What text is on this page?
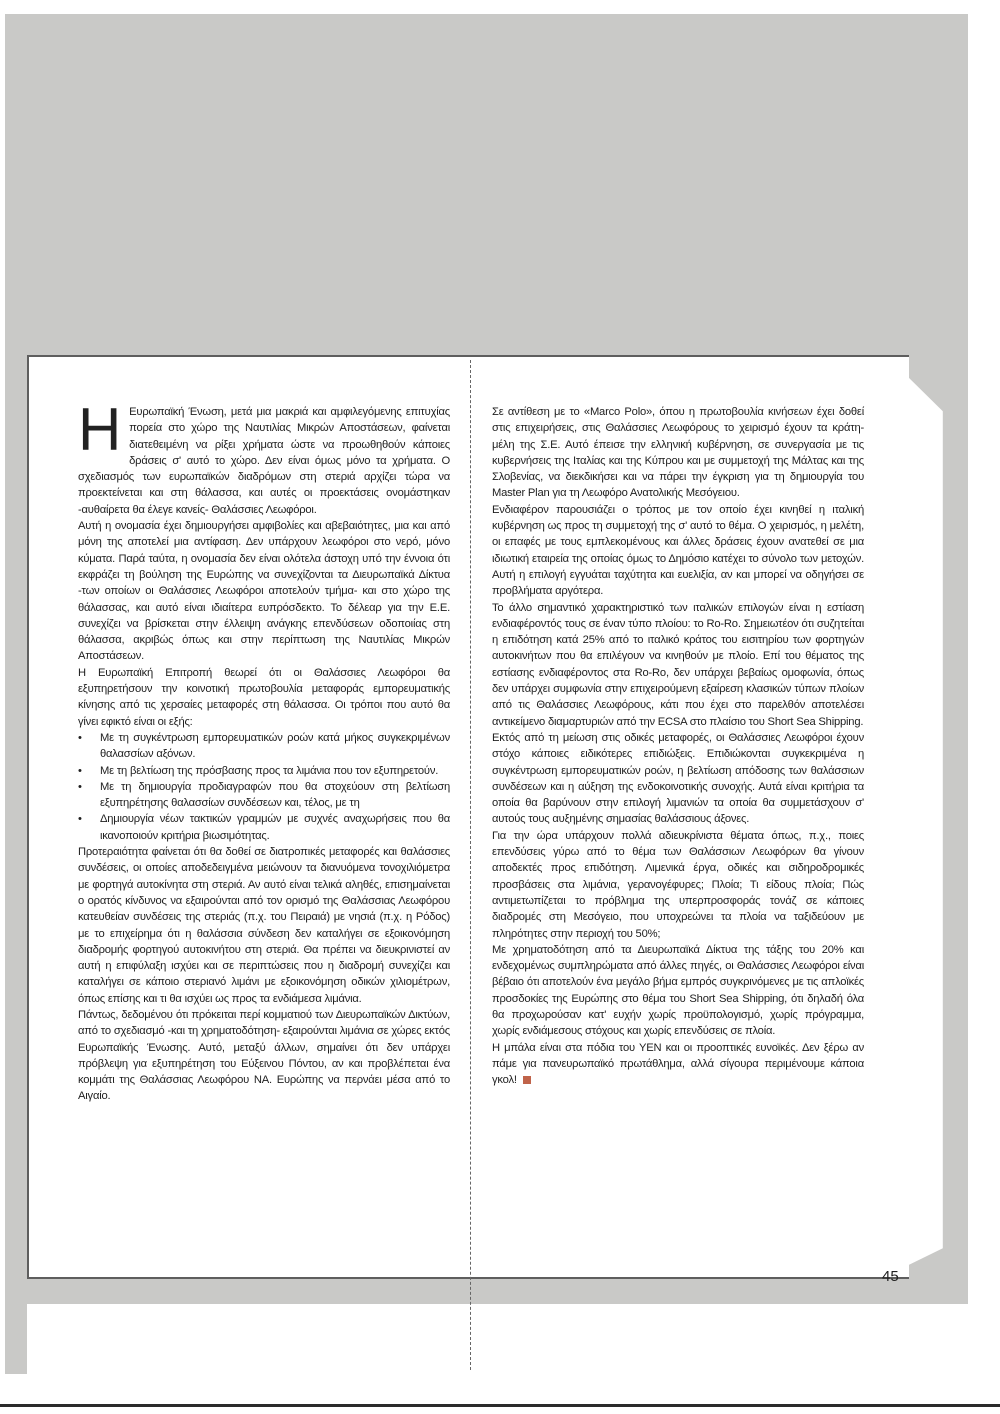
Η Ευρωπαϊκή Ένωση, μετά μια μακριά και αμφιλεγόμενης επιτυχίας πορεία στο χώρο της Ναυτιλίας Μικρών Αποστάσεων, φαίνεται διατεθειμένη να ρίξει χρήματα ώστε να προωθηθούν κάποιες δράσεις σ' αυτό το χώρο. Δεν είναι όμως μόνο τα χρήματα. Ο σχεδιασμός των ευρωπαϊκών διαδρόμων στη στεριά αρχίζει τώρα να προεκτείνεται και στη θάλασσα, και αυτές οι προεκτάσεις ονομάστηκαν -αυθαίρετα θα έλεγε κανείς- Θαλάσσιες Λεωφόροι.

Αυτή η ονομασία έχει δημιουργήσει αμφιβολίες και αβεβαιότητες, μια και από μόνη της αποτελεί μια αντίφαση. Δεν υπάρχουν λεωφόροι στο νερό, μόνο κύματα. Παρά ταύτα, η ονομασία δεν είναι ολότελα άστοχη υπό την έννοια ότι εκφράζει τη βούληση της Ευρώπης να συνεχίζονται τα Διευρωπαϊκά Δίκτυα -των οποίων οι Θαλάσσιες Λεωφόροι αποτελούν τμήμα- και στο χώρο της θάλασσας, και αυτό είναι ιδιαίτερα ευπρόσδεκτο. Το δέλεαρ για την Ε.Ε. συνεχίζει να βρίσκεται στην έλλειψη ανάγκης επενδύσεων οδοποιίας στη θάλασσα, ακριβώς όπως και στην περίπτωση της Ναυτιλίας Μικρών Αποστάσεων.

Η Ευρωπαϊκή Επιτροπή θεωρεί ότι οι Θαλάσσιες Λεωφόροι θα εξυπηρετήσουν την κοινοτική πρωτοβουλία μεταφοράς εμπορευματικής κίνησης από τις χερσαίες μεταφορές στη θάλασσα. Οι τρόποι που αυτό θα γίνει εφικτό είναι οι εξής:

• Με τη συγκέντρωση εμπορευματικών ροών κατά μήκος συγκεκριμένων θαλασσίων αξόνων.
• Με τη βελτίωση της πρόσβασης προς τα λιμάνια που τον εξυπηρετούν.
• Με τη δημιουργία προδιαγραφών που θα στοχεύουν στη βελτίωση εξυπηρέτησης θαλασσίων συνδέσεων και, τέλος, με τη
• Δημιουργία νέων τακτικών γραμμών με συχνές αναχωρήσεις που θα ικανοποιούν κριτήρια βιωσιμότητας.

Προτεραιότητα φαίνεται ότι θα δοθεί σε διατροπικές μεταφορές και θαλάσσιες συνδέσεις, οι οποίες αποδεδειγμένα μειώνουν τα διανυόμενα τονοχιλιόμετρα με φορτηγά αυτοκίνητα στη στεριά. Αν αυτό είναι τελικά αληθές, επισημαίνεται ο ορατός κίνδυνος να εξαιρούνται από τον ορισμό της Θαλάσσιας Λεωφόρου κατευθείαν συνδέσεις της στεριάς (π.χ. του Πειραιά) με νησιά (π.χ. η Ρόδος) με το επιχείρημα ότι η θαλάσσια σύνδεση δεν καταλήγει σε εξοικονόμηση διαδρομής φορτηγού αυτοκινήτου στη στεριά. Θα πρέπει να διευκρινιστεί αν αυτή η επιφύλαξη ισχύει και σε περιπτώσεις που η διαδρομή συνεχίζει και καταλήγει σε κάποιο στεριανό λιμάνι με εξοικονόμηση οδικών χιλιομέτρων, όπως επίσης και τι θα ισχύει ως προς τα ενδιάμεσα λιμάνια.

Πάντως, δεδομένου ότι πρόκειται περί κομματιού των Διευρωπαϊκών Δικτύων, από το σχεδιασμό -και τη χρηματοδότηση- εξαιρούνται λιμάνια σε χώρες εκτός Ευρωπαϊκής Ένωσης. Αυτό, μεταξύ άλλων, σημαίνει ότι δεν υπάρχει πρόβλεψη για εξυπηρέτηση του Εύξεινου Πόντου, αν και προβλέπεται ένα κομμάτι της Θαλάσσιας Λεωφόρου ΝΑ. Ευρώπης να περνάει μέσα από το Αιγαίο.

Σε αντίθεση με το «Marco Polo», όπου η πρωτοβουλία κινήσεων έχει δοθεί στις επιχειρήσεις, στις Θαλάσσιες Λεωφόρους το χειρισμό έχουν τα κράτη-μέλη της Σ.Ε. Αυτό έπεισε την ελληνική κυβέρνηση, σε συνεργασία με τις κυβερνήσεις της Ιταλίας και της Κύπρου και με συμμετοχή της Μάλτας και της Σλοβενίας, να διεκδικήσει και να πάρει την έγκριση για τη δημιουργία του Master Plan για τη Λεωφόρο Ανατολικής Μεσόγειου.

Ενδιαφέρον παρουσιάζει ο τρόπος με τον οποίο έχει κινηθεί η ιταλική κυβέρνηση ως προς τη συμμετοχή της σ' αυτό το θέμα. Ο χειρισμός, η μελέτη, οι επαφές με τους εμπλεκομένους και άλλες δράσεις έχουν ανατεθεί σε μια ιδιωτική εταιρεία της οποίας όμως το Δημόσιο κατέχει το σύνολο των μετοχών. Αυτή η επιλογή εγγυάται ταχύτητα και ευελιξία, αν και μπορεί να οδηγήσει σε προβλήματα αργότερα.

Το άλλο σημαντικό χαρακτηριστικό των ιταλικών επιλογών είναι η εστίαση ενδιαφέροντός τους σε έναν τύπο πλοίου: το Ro-Ro. Σημειωτέον ότι συζητείται η επιδότηση κατά 25% από το ιταλικό κράτος του εισιτηρίου των φορτηγών αυτοκινήτων που θα επιλέγουν να κινηθούν με πλοίο. Επί του θέματος της εστίασης ενδιαφέροντος στα Ro-Ro, δεν υπάρχει βεβαίως ομοφωνία, όπως δεν υπάρχει συμφωνία στην επιχειρούμενη εξαίρεση κλασικών τύπων πλοίων από τις Θαλάσσιες Λεωφόρους, κάτι που έχει στο παρελθόν αποτελέσει αντικείμενο διαμαρτυριών από την ECSA στο πλαίσιο του Short Sea Shipping.

Εκτός από τη μείωση στις οδικές μεταφορές, οι Θαλάσσιες Λεωφόροι έχουν στόχο κάποιες ειδικότερες επιδιώξεις. Επιδιώκονται συγκεκριμένα η συγκέντρωση εμπορευματικών ροών, η βελτίωση απόδοσης των θαλάσσιων συνδέσεων και η αύξηση της ενδοκοινοτικής συνοχής. Αυτά είναι κριτήρια τα οποία θα βαρύνουν στην επιλογή λιμανιών τα οποία θα συμμετάσχουν σ' αυτούς τους αυξημένης σημασίας θαλάσσιους άξονες.

Για την ώρα υπάρχουν πολλά αδιευκρίνιστα θέματα όπως, π.χ., ποιες επενδύσεις γύρω από το θέμα των Θαλάσσιων Λεωφόρων θα γίνουν αποδεκτές προς επιδότηση. Λιμενικά έργα, οδικές και σιδηροδρομικές προσβάσεις στα λιμάνια, γερανογέφυρες; Πλοία; Τι είδους πλοία; Πώς αντιμετωπίζεται το πρόβλημα της υπερπροσφοράς τονάζ σε κάποιες διαδρομές στη Μεσόγειο, που υποχρεώνει τα πλοία να ταξιδεύουν με πληρότητες στην περιοχή του 50%;

Με χρηματοδότηση από τα Διευρωπαϊκά Δίκτυα της τάξης του 20% και ενδεχομένως συμπληρώματα από άλλες πηγές, οι Θαλάσσιες Λεωφόροι είναι βέβαιο ότι αποτελούν ένα μεγάλο βήμα εμπρός συγκρινόμενες με τις απλοϊκές προσδοκίες της Ευρώπης στο θέμα του Short Sea Shipping, ότι δηλαδή όλα θα προχωρούσαν κατ' ευχήν χωρίς προϋπολογισμό, χωρίς πρόγραμμα, χωρίς ενδιάμεσους στόχους και χωρίς επενδύσεις σε πλοία.

Η μπάλα είναι στα πόδια του ΥΕΝ και οι προοπτικές ευνοϊκές. Δεν ξέρω αν πάμε για πανευρωπαϊκό πρωτάθλημα, αλλά σίγουρα περιμένουμε κάποια γκολ!

45
